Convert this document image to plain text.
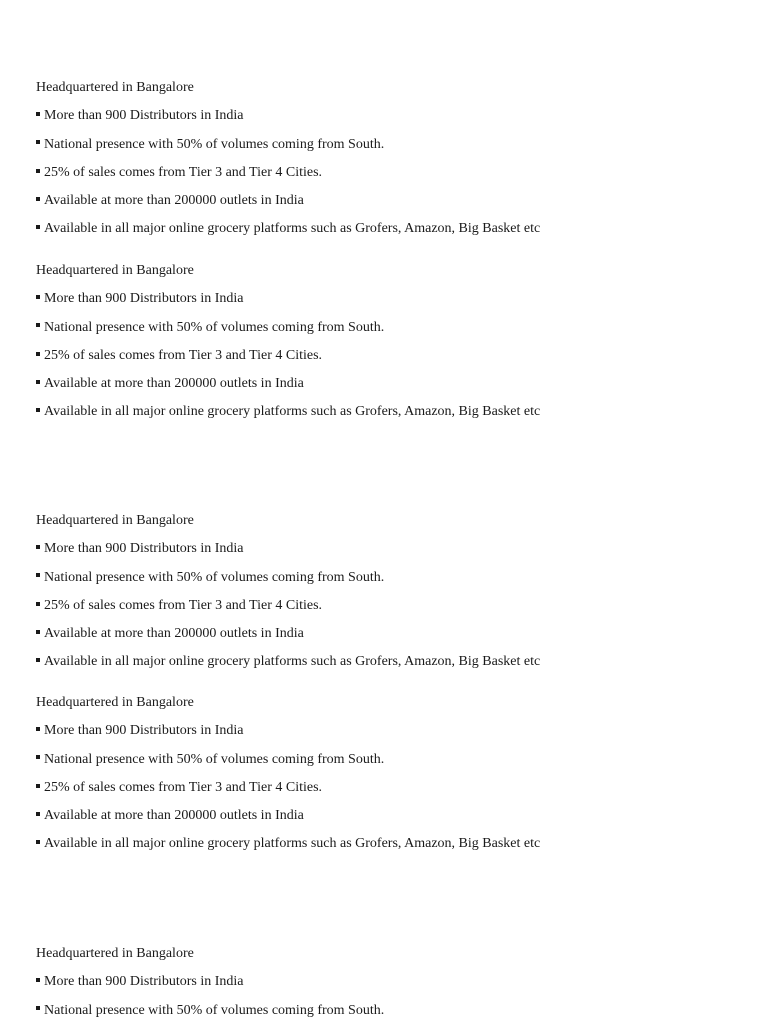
Headquartered in Bangalore
More than 900 Distributors in India
National presence with 50% of volumes coming from South.
25% of sales comes from Tier 3 and Tier 4 Cities.
Available at more than 200000 outlets in India
Available in all major online grocery platforms such as Grofers, Amazon, Big Basket etc
Headquartered in Bangalore
More than 900 Distributors in India
National presence with 50% of volumes coming from South.
25% of sales comes from Tier 3 and Tier 4 Cities.
Available at more than 200000 outlets in India
Available in all major online grocery platforms such as Grofers, Amazon, Big Basket etc
Headquartered in Bangalore
More than 900 Distributors in India
National presence with 50% of volumes coming from South.
25% of sales comes from Tier 3 and Tier 4 Cities.
Available at more than 200000 outlets in India
Available in all major online grocery platforms such as Grofers, Amazon, Big Basket etc
Headquartered in Bangalore
More than 900 Distributors in India
National presence with 50% of volumes coming from South.
25% of sales comes from Tier 3 and Tier 4 Cities.
Available at more than 200000 outlets in India
Available in all major online grocery platforms such as Grofers, Amazon, Big Basket etc
Headquartered in Bangalore
More than 900 Distributors in India
National presence with 50% of volumes coming from South.
